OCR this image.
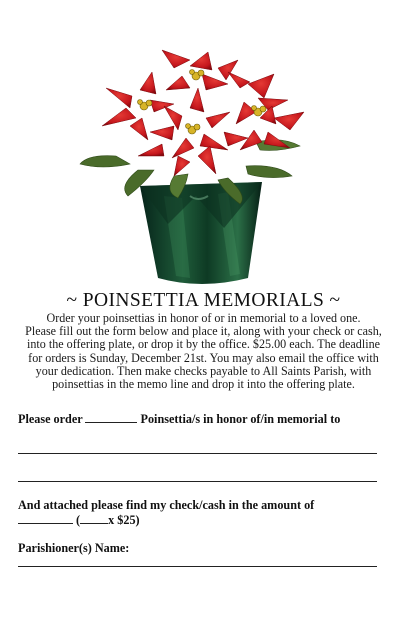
~ POINSETTIA MEMORIALS ~
Order your poinsettias in honor of or in memorial to a loved one.
Please fill out the form below and place it, along with your check or cash,
into the offering plate, or drop it by the office. $25.00 each. The deadline
for orders is Sunday, December 21st. You may also email the office with
your dedication. Then make checks payable to All Saints Parish, with
poinsettias in the memo line and drop it into the offering plate.
Please order	Poinsettia/s in honor of/in memorial to
And attached please find my check/cash in the amount of
( x $25)
Parishioner(s) Name:
